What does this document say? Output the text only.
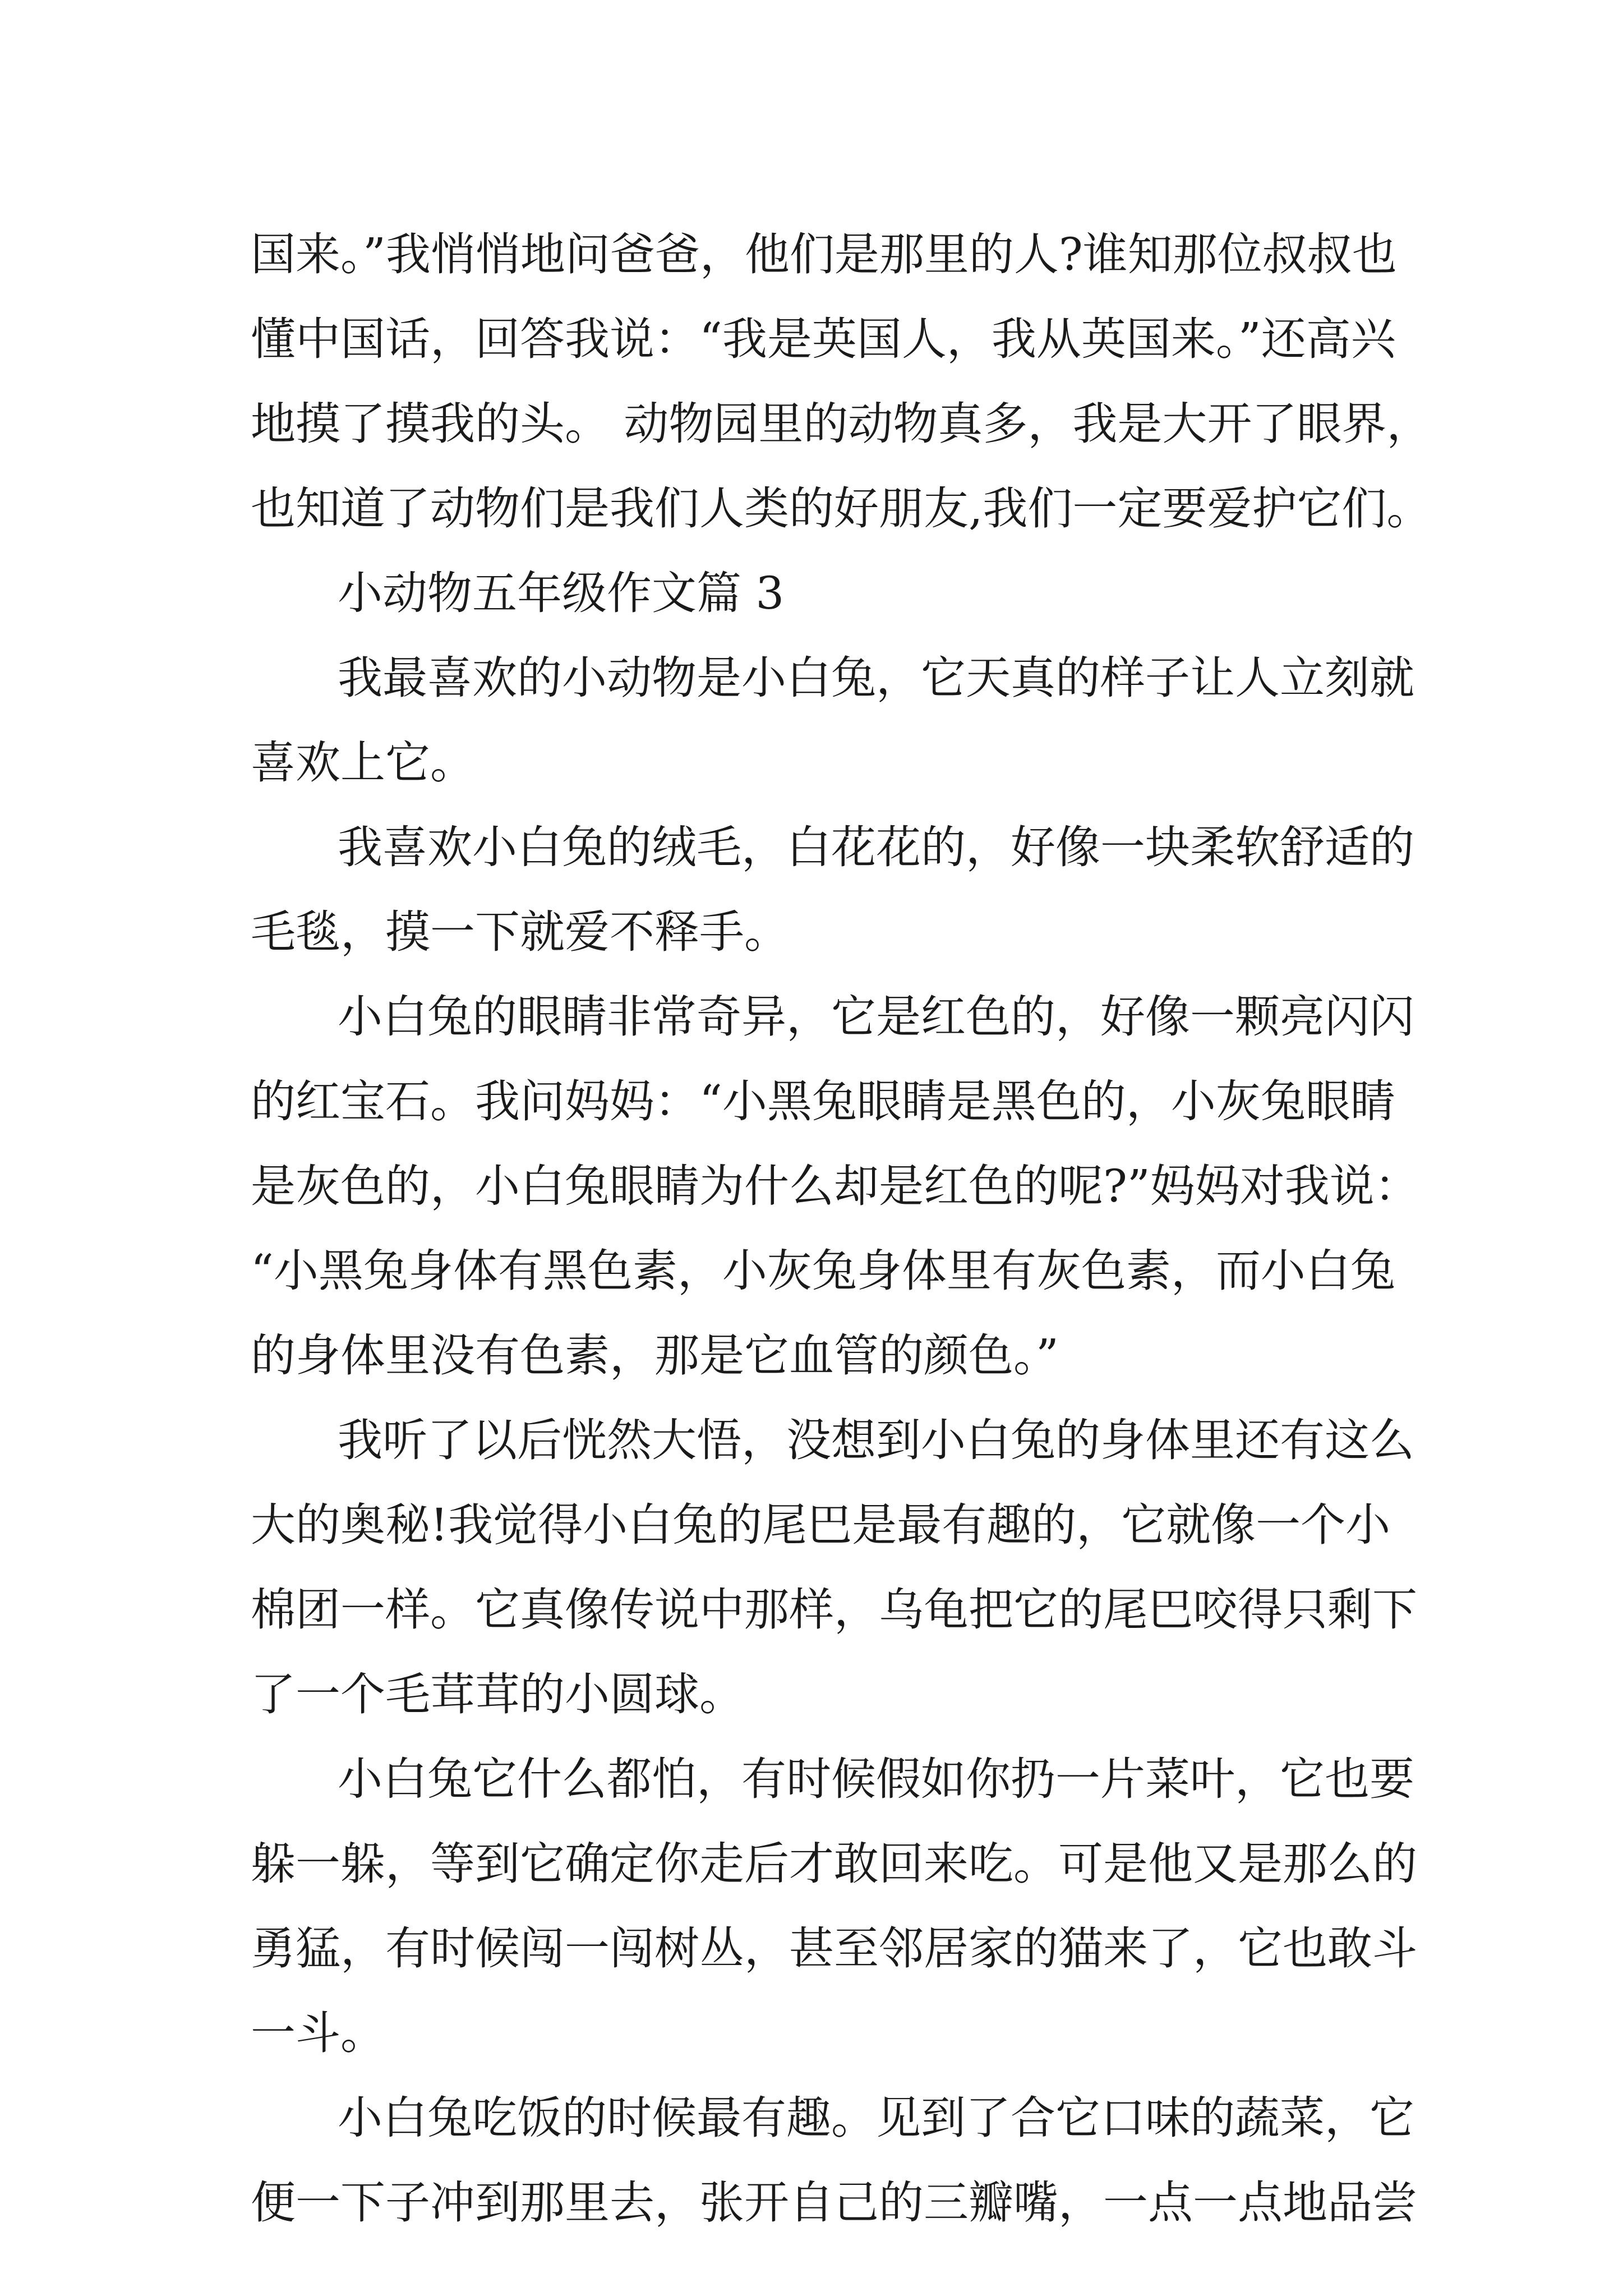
国来。”我悄悄地问爸爸，他们是那里的人?谁知那位叔叔也
懂中国话，回答我说：“我是英国人，我从英国来。”还高兴
地摸了摸我的头。 动物园里的动物真多，我是大开了眼界，
也知道了动物们是我们人类的好朋友,我们一定要爱护它们。
小动物五年级作文篇 3
我最喜欢的小动物是小白兔，它天真的样子让人立刻就
喜欢上它。
我喜欢小白兔的绒毛，白花花的，好像一块柔软舒适的
毛毯，摸一下就爱不释手。
小白兔的眼睛非常奇异，它是红色的，好像一颗亮闪闪
的红宝石。我问妈妈：“小黑兔眼睛是黑色的，小灰兔眼睛
是灰色的，小白兔眼睛为什么却是红色的呢?”妈妈对我说：
“小黑兔身体有黑色素，小灰兔身体里有灰色素，而小白兔
的身体里没有色素，那是它血管的颜色。”
我听了以后恍然大悟，没想到小白兔的身体里还有这么
大的奥秘!我觉得小白兔的尾巴是最有趣的，它就像一个小
棉团一样。它真像传说中那样，乌龟把它的尾巴咬得只剩下
了一个毛茸茸的小圆球。
小白兔它什么都怕，有时候假如你扔一片菜叶，它也要
躲一躲，等到它确定你走后才敢回来吃。可是他又是那么的
勇猛，有时候闯一闯树丛，甚至邻居家的猫来了，它也敢斗
一斗。
小白兔吃饭的时候最有趣。见到了合它口味的蔬菜，它
便一下子冲到那里去，张开自己的三瓣嘴，一点一点地品尝
